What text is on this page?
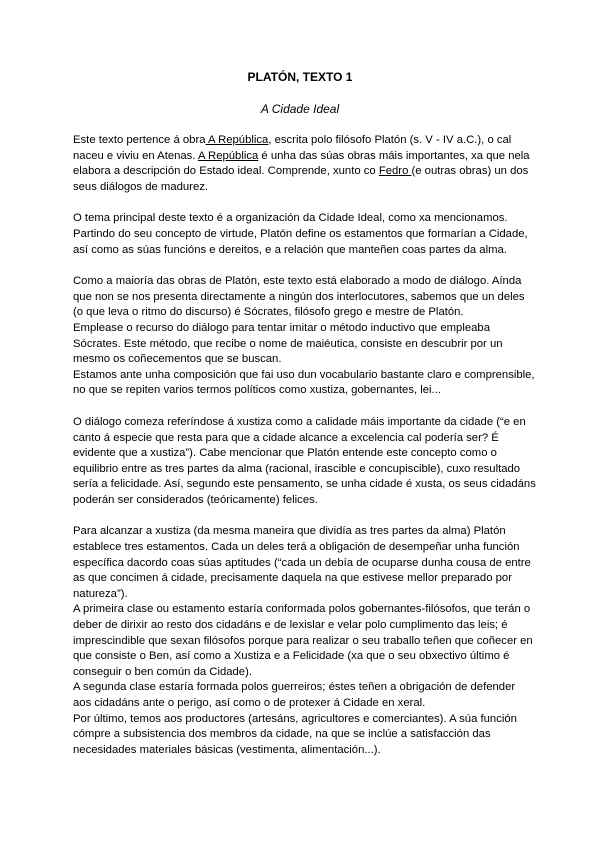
PLATÓN, TEXTO 1
A Cidade Ideal
Este texto pertence á obra A República, escrita polo filósofo Platón (s. V - IV a.C.), o cal
naceu e viviu en Atenas. A República é unha das súas obras máis importantes, xa que nela
elabora a descripción do Estado ideal. Comprende, xunto co Fedro (e outras obras) un dos
seus diálogos de madurez.
O tema principal deste texto é a organización da Cidade Ideal, como xa mencionamos.
Partindo do seu concepto de virtude, Platón define os estamentos que formarían a Cidade,
así como as súas funcións e dereitos, e a relación que manteñen coas partes da alma.
Como a maioría das obras de Platón, este texto está elaborado a modo de diálogo. Aínda
que non se nos presenta directamente a ningún dos interlocutores, sabemos que un deles
(o que leva o ritmo do discurso) é Sócrates, filósofo grego e mestre de Platón.
Emplease o recurso do diálogo para tentar imitar o método inductivo que empleaba
Sócrates. Este método, que recibe o nome de maiéutica, consiste en descubrir por un
mesmo os coñecementos que se buscan.
Estamos ante unha composición que fai uso dun vocabulario bastante claro e comprensible,
no que se repiten varios termos políticos como xustiza, gobernantes, lei...
O diálogo comeza referíndose á xustiza como a calidade máis importante da cidade (“e en
canto á especie que resta para que a cidade alcance a excelencia cal podería ser? É
evidente que a xustiza”). Cabe mencionar que Platón entende este concepto como o
equilibrio entre as tres partes da alma (racional, irascible e concupiscible), cuxo resultado
sería a felicidade. Así, segundo este pensamento, se unha cidade é xusta, os seus cidadáns
poderán ser considerados (teóricamente) felices.
Para alcanzar a xustiza (da mesma maneira que dividía as tres partes da alma) Platón
establece tres estamentos. Cada un deles terá a obligación de desempeñar unha función
específica dacordo coas súas aptitudes (“cada un debía de ocuparse dunha cousa de entre
as que concimen á cidade, precisamente daquela na que estivese mellor preparado por
natureza”).
A primeira clase ou estamento estaría conformada polos gobernantes-filósofos, que terán o
deber de dirixir ao resto dos cidadáns e de lexislar e velar polo cumplimento das leis; é
imprescindible que sexan filósofos porque para realizar o seu traballo teñen que coñecer en
que consiste o Ben, así como a Xustiza e a Felicidade (xa que o seu obxectivo último é
conseguir o ben común da Cidade).
A segunda clase estaría formada polos guerreiros; éstes teñen a obrigación de defender
aos cidadáns ante o perigo, así como o de protexer á Cidade en xeral.
Por último, temos aos productores (artesáns, agricultores e comerciantes). A súa función
cómpre a subsistencia dos membros da cidade, na que se inclúe a satisfacción das
necesidades materiales básicas (vestimenta, alimentación...).
